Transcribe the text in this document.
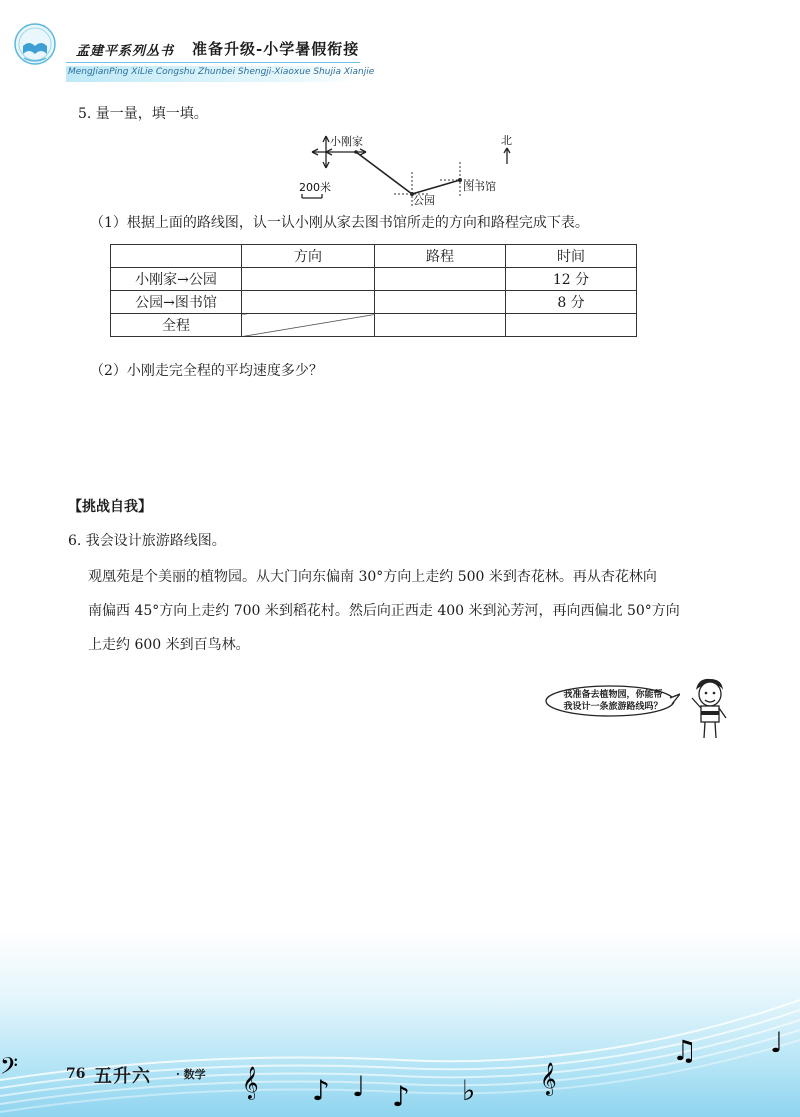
孟建平系列丛书 准备升级-小学暑假衔接
MengJianPing XiLie Congshu Zhunbei Shengji-Xiaoxue Shujia Xianjie
5. 量一量，填一填。
小刚家
公园
图书馆
北
200米
（1）根据上面的路线图，认一认小刚从家去图书馆所走的方向和路程完成下表。
	方向	路程	时间
小刚家→公园			12 分
公园→图书馆			8 分
全程			
（2）小刚走完全程的平均速度多少？
【挑战自我】
6. 我会设计旅游路线图。
观凰苑是个美丽的植物园。从大门向东偏南 30°方向上走约 500 米到杏花林。再从杏花林向
南偏西 45°方向上走约 700 米到稻花村。然后向正西走 400 米到沁芳河，再向西偏北 50°方向
上走约 600 米到百鸟林。
我准备去植物园，你能帮我设计一条旅游路线吗？
𝄢	𝄞 ♪ ♩ ♪ ♭ 𝄞
♫	♩
76 五升六 · 数学
